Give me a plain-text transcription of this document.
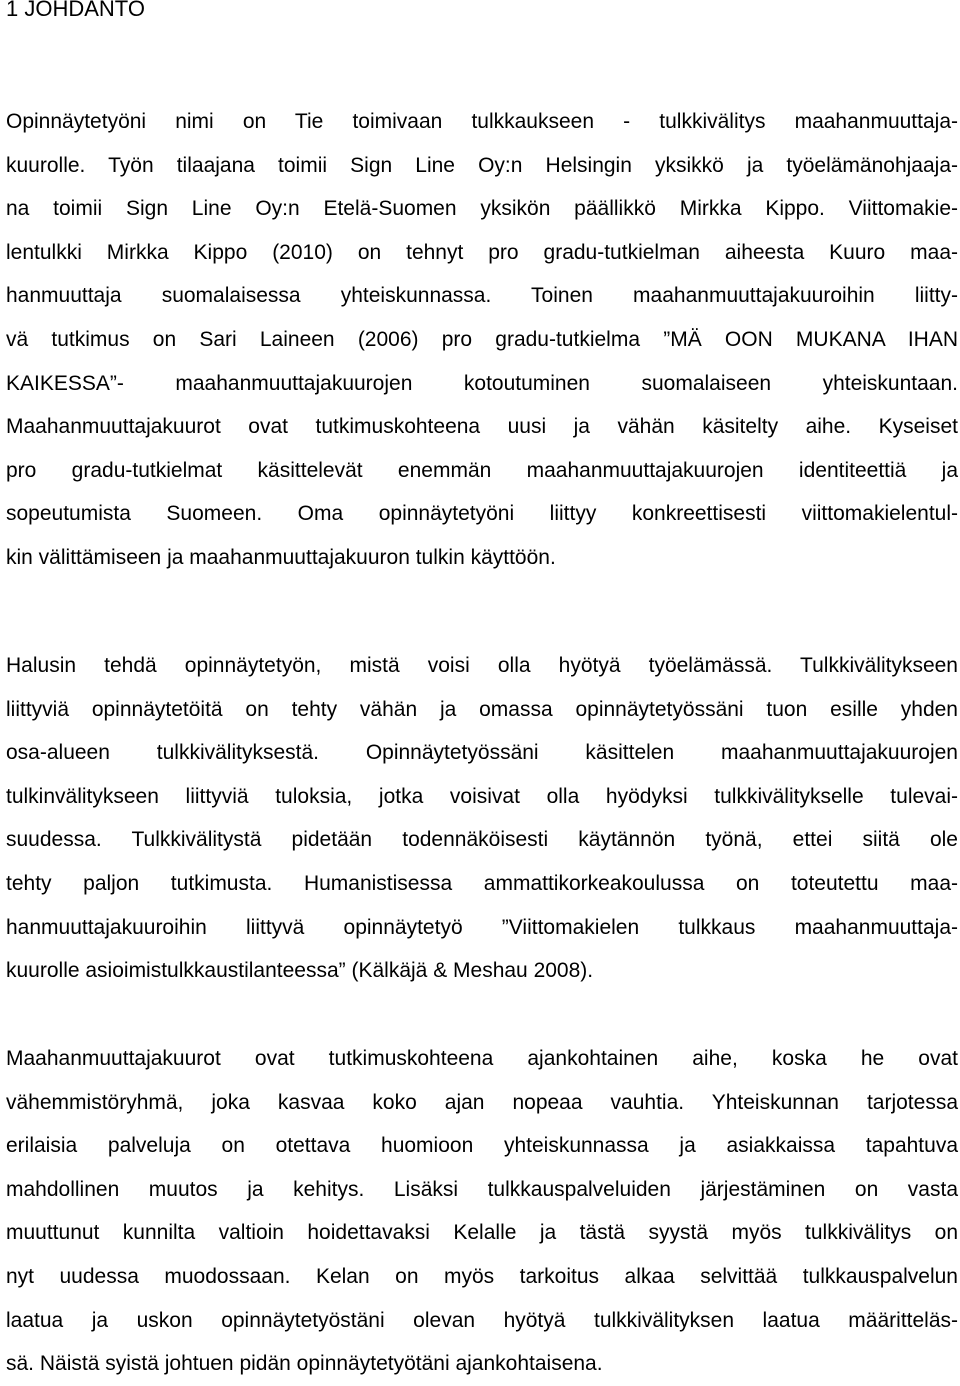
1 JOHDANTO
Opinnäytetyöni nimi on Tie toimivaan tulkkaukseen - tulkkivälitys maahanmuuttaja-
kuurolle. Työn tilaajana toimii Sign Line Oy:n Helsingin yksikkö ja työelämänohjaaja-
na toimii Sign Line Oy:n Etelä-Suomen yksikön päällikkö Mirkka Kippo. Viittomakie-
lentulkki Mirkka Kippo (2010) on tehnyt pro gradu-tutkielman aiheesta Kuuro maa-
hanmuuttaja suomalaisessa yhteiskunnassa. Toinen maahanmuuttajakuuroihin liitty-
vä tutkimus on Sari Laineen (2006) pro gradu-tutkielma ”MÄ OON MUKANA IHAN
KAIKESSA”- maahanmuuttajakuurojen kotoutuminen suomalaiseen yhteiskuntaan.
Maahanmuuttajakuurot ovat tutkimuskohteena uusi ja vähän käsitelty aihe. Kyseiset
pro gradu-tutkielmat käsittelevät enemmän maahanmuuttajakuurojen identiteettiä ja
sopeutumista Suomeen. Oma opinnäytetyöni liittyy konkreettisesti viittomakielentul-
kin välittämiseen ja maahanmuuttajakuuron tulkin käyttöön.
Halusin tehdä opinnäytetyön, mistä voisi olla hyötyä työelämässä. Tulkkivälitykseen
liittyviä opinnäytetöitä on tehty vähän ja omassa opinnäytetyössäni tuon esille yhden
osa-alueen tulkkivälityksestä. Opinnäytetyössäni käsittelen maahanmuuttajakuurojen
tulkinvälitykseen liittyviä tuloksia, jotka voisivat olla hyödyksi tulkkivälitykselle tulevai-
suudessa. Tulkkivälitystä pidetään todennäköisesti käytännön työnä, ettei siitä ole
tehty paljon tutkimusta. Humanistisessa ammattikorkeakoulussa on toteutettu maa-
hanmuuttajakuuroihin liittyvä opinnäytetyö ”Viittomakielen tulkkaus maahanmuuttaja-
kuurolle asioimistulkkaustilanteessa” (Kälkäjä & Meshau 2008).
Maahanmuuttajakuurot ovat tutkimuskohteena ajankohtainen aihe, koska he ovat
vähemmistöryhmä, joka kasvaa koko ajan nopeaa vauhtia. Yhteiskunnan tarjotessa
erilaisia palveluja on otettava huomioon yhteiskunnassa ja asiakkaissa tapahtuva
mahdollinen muutos ja kehitys. Lisäksi tulkkauspalveluiden järjestäminen on vasta
muuttunut kunnilta valtioin hoidettavaksi Kelalle ja tästä syystä myös tulkkivälitys on
nyt uudessa muodossaan. Kelan on myös tarkoitus alkaa selvittää tulkkauspalvelun
laatua ja uskon opinnäytetyöstäni olevan hyötyä tulkkivälityksen laatua määritteläs-
sä. Näistä syistä johtuen pidän opinnäytetyötäni ajankohtaisena.
